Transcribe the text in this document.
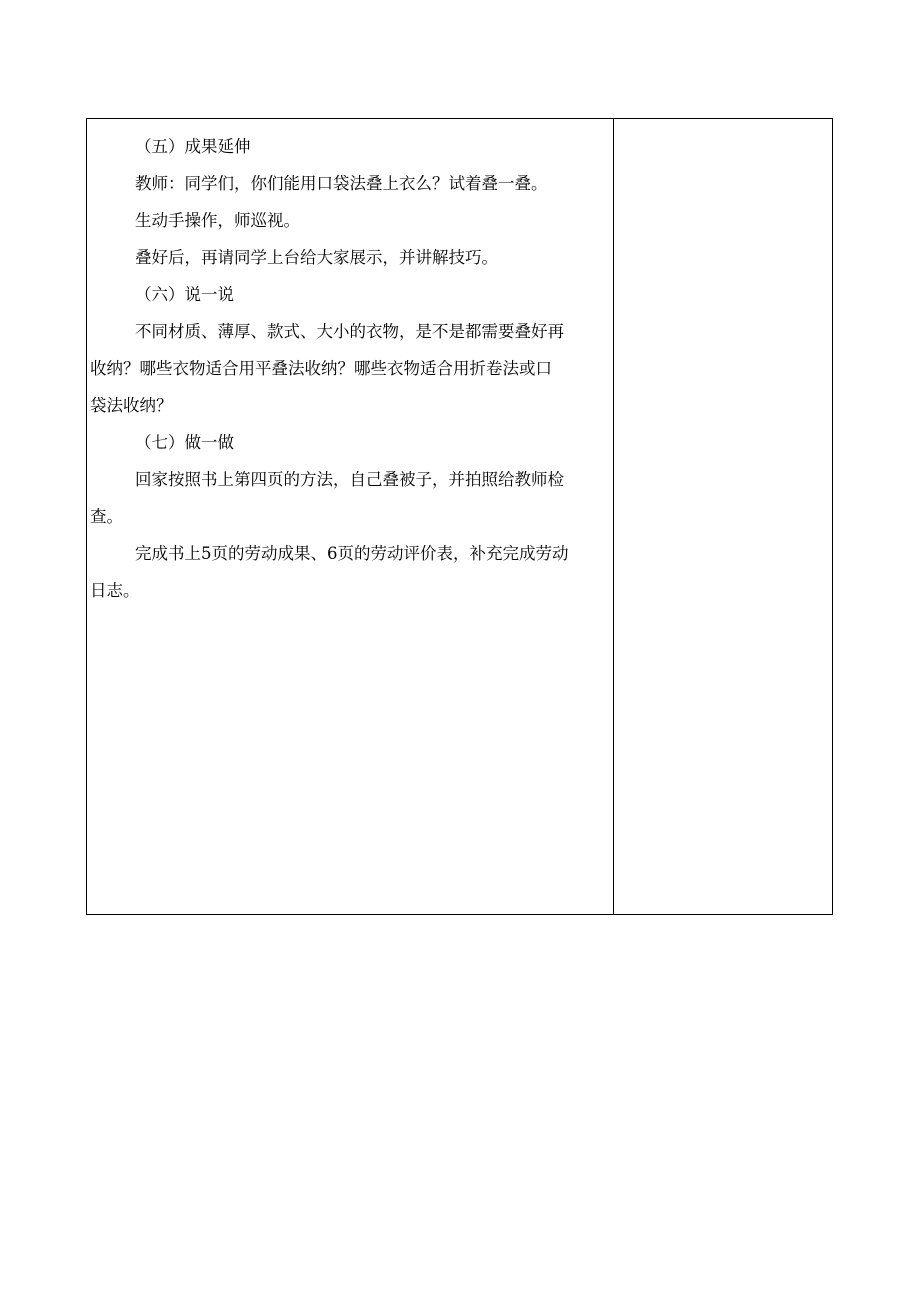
（五）成果延伸
教师：同学们，你们能用口袋法叠上衣么？试着叠一叠。
生动手操作，师巡视。
叠好后，再请同学上台给大家展示，并讲解技巧。
（六）说一说
不同材质、薄厚、款式、大小的衣物，是不是都需要叠好再
收纳？哪些衣物适合用平叠法收纳？哪些衣物适合用折卷法或口
袋法收纳？
（七）做一做
回家按照书上第四页的方法，自己叠被子，并拍照给教师检
查。
完成书上5页的劳动成果、6页的劳动评价表，补充完成劳动
日志。
